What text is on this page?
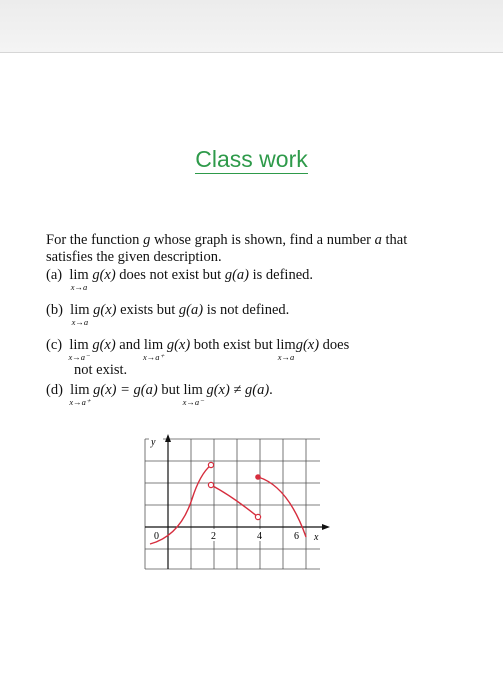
Class work

For the function g whose graph is shown, find a number a that

satisfies the given description.

(a) lim
x→a
g(x) does not exist but g(a) is defined.
(b) lim
x→a
g(x) exists but g(a) is not defined.
(c) lim
x→a⁻
g(x) and lim
x→a⁺
g(x) both exist but lim
x→a
g(x) does
not exist.
(d) lim
x→a⁺
g(x) = g(a) but lim
x→a⁻
g(x) ≠ g(a).
y
x
0	2	4	6
